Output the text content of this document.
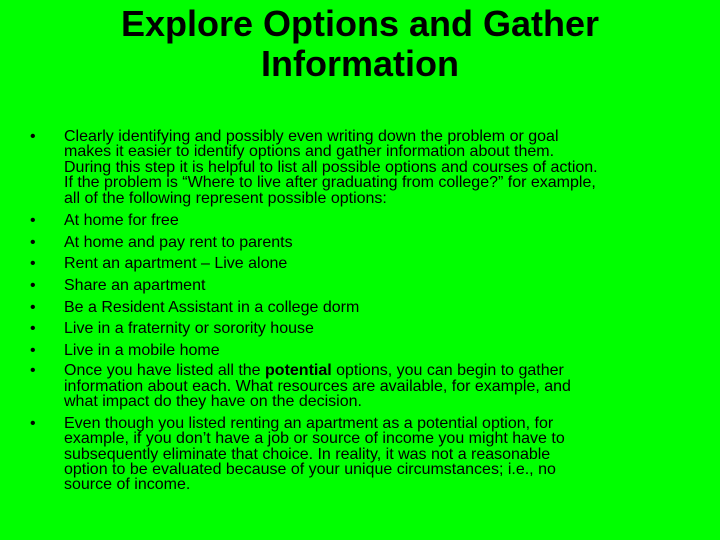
Explore Options and Gather
Information
• Clearly identifying and possibly even writing down the problem or goal
makes it easier to identify options and gather information about them.
During this step it is helpful to list all possible options and courses of action.
If the problem is “Where to live after graduating from college?” for example,
all of the following represent possible options:
• At home for free
• At home and pay rent to parents
• Rent an apartment – Live alone
• Share an apartment
• Be a Resident Assistant in a college dorm
• Live in a fraternity or sorority house
• Live in a mobile home
• Once you have listed all the potential options, you can begin to gather
information about each. What resources are available, for example, and
what impact do they have on the decision.
• Even though you listed renting an apartment as a potential option, for
example, if you don’t have a job or source of income you might have to
subsequently eliminate that choice. In reality, it was not a reasonable
option to be evaluated because of your unique circumstances; i.e., no
source of income.
